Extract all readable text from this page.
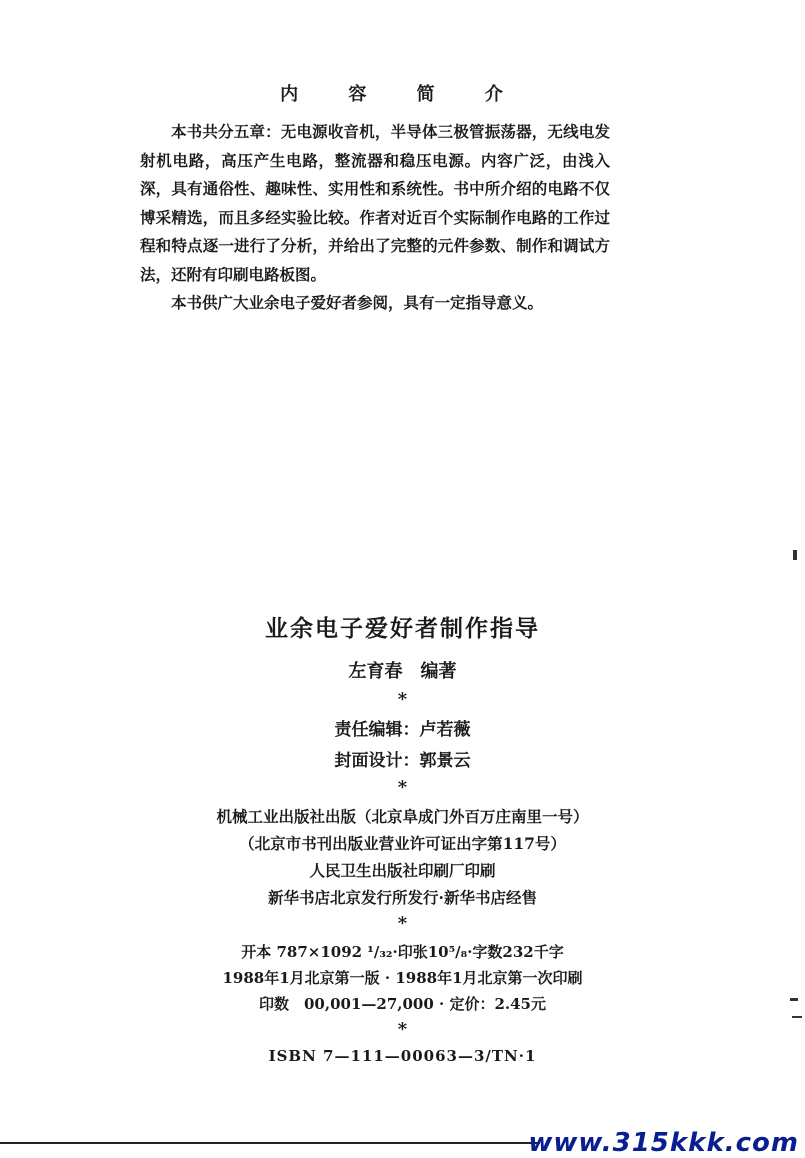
内 容 简 介

本书共分五章：无电源收音机，半导体三极管振荡器，无线电发射机电路，高压产生电路，整流器和稳压电源。内容广泛，由浅入深，具有通俗性、趣味性、实用性和系统性。书中所介绍的电路不仅博采精选，而且多经实验比较。作者对近百个实际制作电路的工作过程和特点逐一进行了分析，并给出了完整的元件参数、制作和调试方法，还附有印刷电路板图。

本书供广大业余电子爱好者参阅，具有一定指导意义。

业余电子爱好者制作指导
左育春　编著
*
责任编辑：卢若薇
封面设计：郭景云
*
机械工业出版社出版（北京阜成门外百万庄南里一号）
（北京市书刊出版业营业许可证出字第117号）
人民卫生出版社印刷厂印刷
新华书店北京发行所发行·新华书店经售
*
开本 787×1092 ¹/₃₂·印张10⁵/₈·字数232千字
1988年1月北京第一版 · 1988年1月北京第一次印刷
印数　00,001—27,000 · 定价：2.45元
*
ISBN 7—111—00063—3/TN·1
www.315kkk.com
